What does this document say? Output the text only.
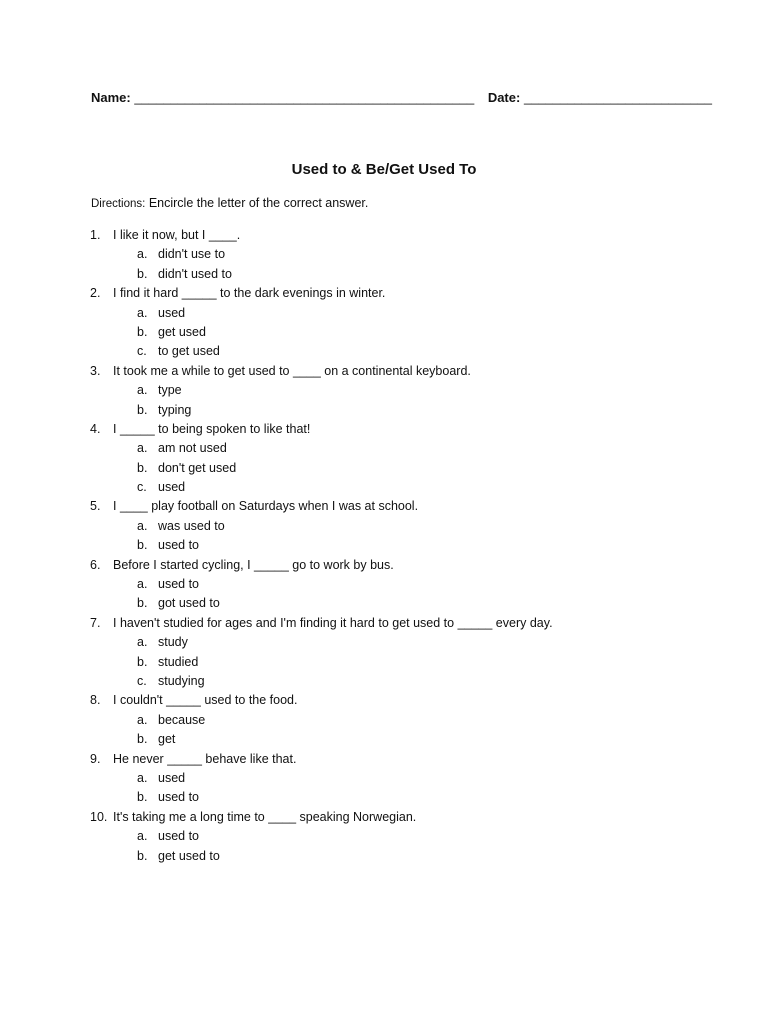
Name: _______________________________________________ Date: __________________________
Used to & Be/Get Used To
Directions: Encircle the letter of the correct answer.
1.	I like it now, but I ____.
a. didn't use to
b. didn't used to
2.	I find it hard _____ to the dark evenings in winter.
a. used
b. get used
c. to get used
3.	It took me a while to get used to ____ on a continental keyboard.
a. type
b. typing
4.	I _____ to being spoken to like that!
a. am not used
b. don't get used
c. used
5.	I ____ play football on Saturdays when I was at school.
a. was used to
b. used to
6.	Before I started cycling, I _____ go to work by bus.
a. used to
b. got used to
7.	I haven't studied for ages and I'm finding it hard to get used to _____ every day.
a. study
b. studied
c. studying
8.	I couldn't _____ used to the food.
a. because
b. get
9.	He never _____ behave like that.
a. used
b. used to
10. It's taking me a long time to ____ speaking Norwegian.
a. used to
b. get used to
